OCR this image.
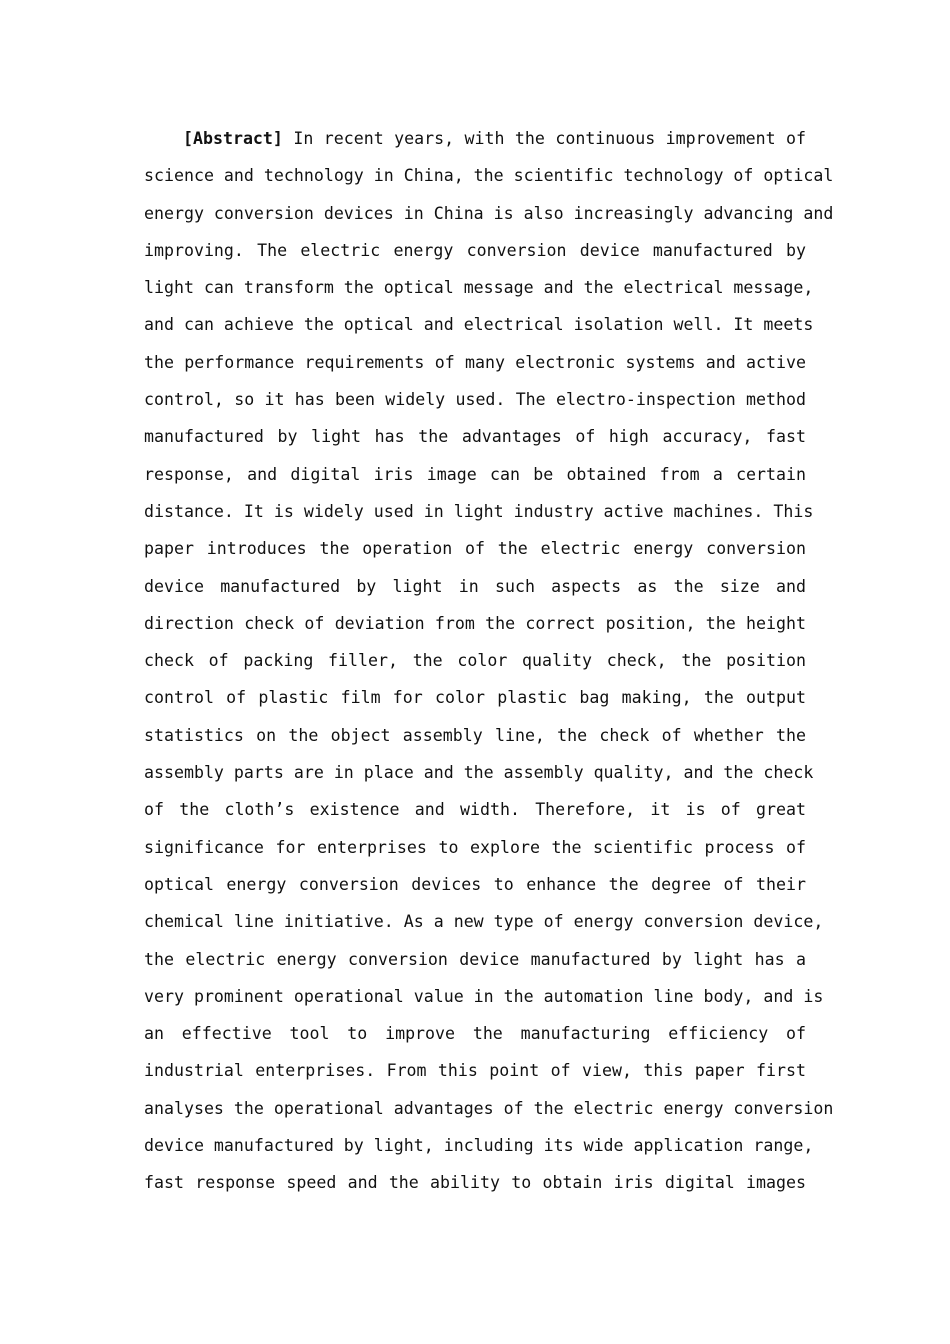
[Abstract] In recent years, with the continuous improvement of
science and technology in China, the scientific technology of optical
energy conversion devices in China is also increasingly advancing and
improving. The electric energy conversion device manufactured by
light can transform the optical message and the electrical message,
and can achieve the optical and electrical isolation well. It meets
the performance requirements of many electronic systems and active
control, so it has been widely used. The electro-inspection method
manufactured by light has the advantages of high accuracy, fast
response, and digital iris image can be obtained from a certain
distance. It is widely used in light industry active machines. This
paper introduces the operation of the electric energy conversion
device manufactured by light in such aspects as the size and
direction check of deviation from the correct position, the height
check of packing filler, the color quality check, the position
control of plastic film for color plastic bag making, the output
statistics on the object assembly line, the check of whether the
assembly parts are in place and the assembly quality, and the check
of the cloth’s existence and width. Therefore, it is of great
significance for enterprises to explore the scientific process of
optical energy conversion devices to enhance the degree of their
chemical line initiative. As a new type of energy conversion device,
the electric energy conversion device manufactured by light has a
very prominent operational value in the automation line body, and is
an effective tool to improve the manufacturing efficiency of
industrial enterprises. From this point of view, this paper first
analyses the operational advantages of the electric energy conversion
device manufactured by light, including its wide application range,
fast response speed and the ability to obtain iris digital images
